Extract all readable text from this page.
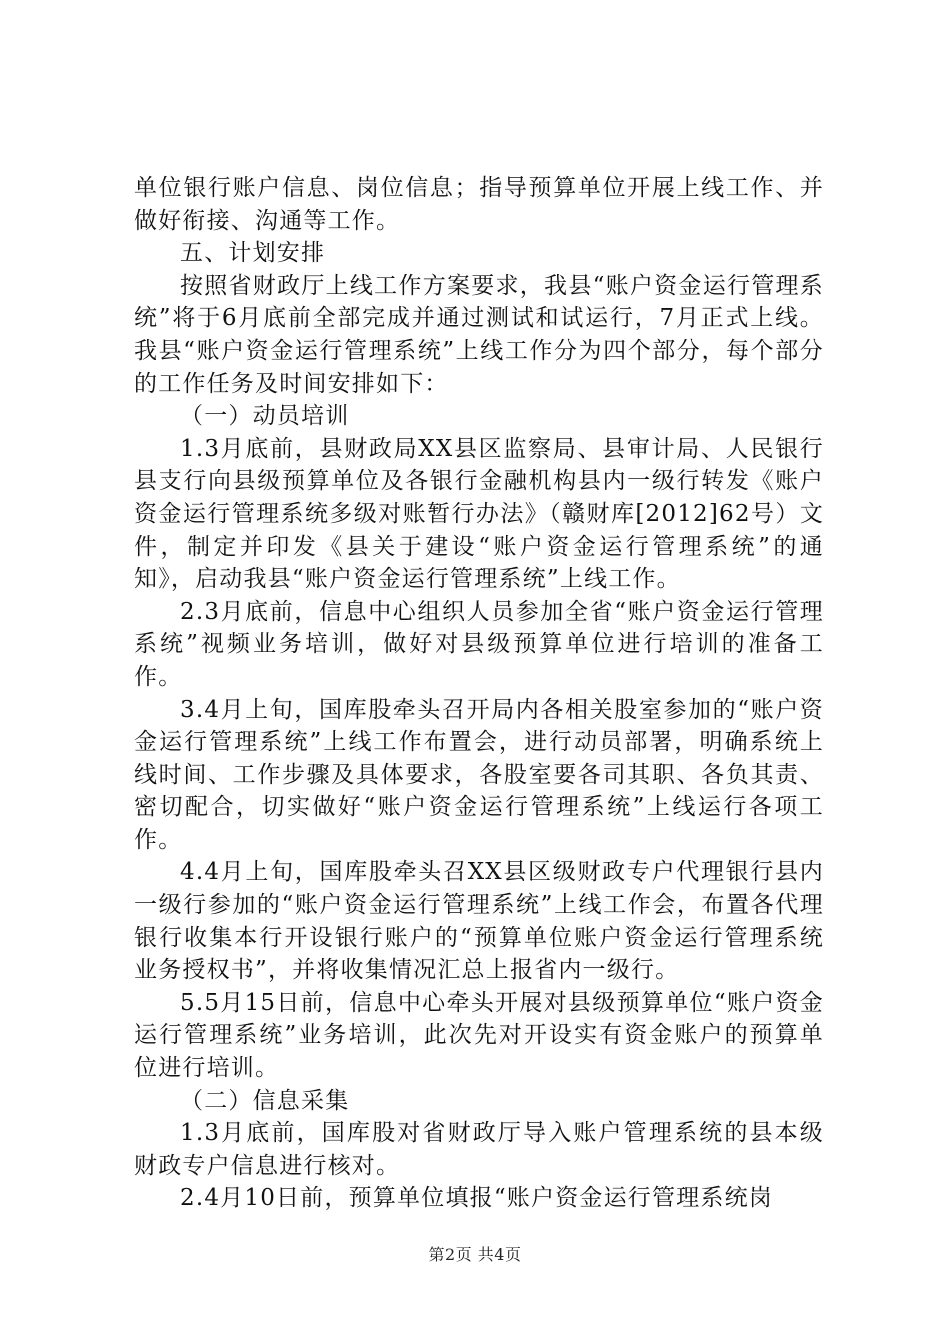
单位银行账户信息、岗位信息；指导预算单位开展上线工作、并做好衔接、沟通等工作。

五、计划安排

按照省财政厅上线工作方案要求，我县“账户资金运行管理系统”将于6月底前全部完成并通过测试和试运行，7月正式上线。我县“账户资金运行管理系统”上线工作分为四个部分，每个部分的工作任务及时间安排如下：

（一）动员培训

1.3月底前，县财政局XX县区监察局、县审计局、人民银行县支行向县级预算单位及各银行金融机构县内一级行转发《账户资金运行管理系统多级对账暂行办法》（赣财库[2012]62号）文件，制定并印发《县关于建设“账户资金运行管理系统”的通知》，启动我县“账户资金运行管理系统”上线工作。

2.3月底前，信息中心组织人员参加全省“账户资金运行管理系统”视频业务培训，做好对县级预算单位进行培训的准备工作。

3.4月上旬，国库股牵头召开局内各相关股室参加的“账户资金运行管理系统”上线工作布置会，进行动员部署，明确系统上线时间、工作步骤及具体要求，各股室要各司其职、各负其责、密切配合，切实做好“账户资金运行管理系统”上线运行各项工作。

4.4月上旬，国库股牵头召XX县区级财政专户代理银行县内一级行参加的“账户资金运行管理系统”上线工作会，布置各代理银行收集本行开设银行账户的“预算单位账户资金运行管理系统业务授权书”，并将收集情况汇总上报省内一级行。

5.5月15日前，信息中心牵头开展对县级预算单位“账户资金运行管理系统”业务培训，此次先对开设实有资金账户的预算单位进行培训。

（二）信息采集

1.3月底前，国库股对省财政厅导入账户管理系统的县本级财政专户信息进行核对。

2.4月10日前，预算单位填报“账户资金运行管理系统岗

第2页 共4页
